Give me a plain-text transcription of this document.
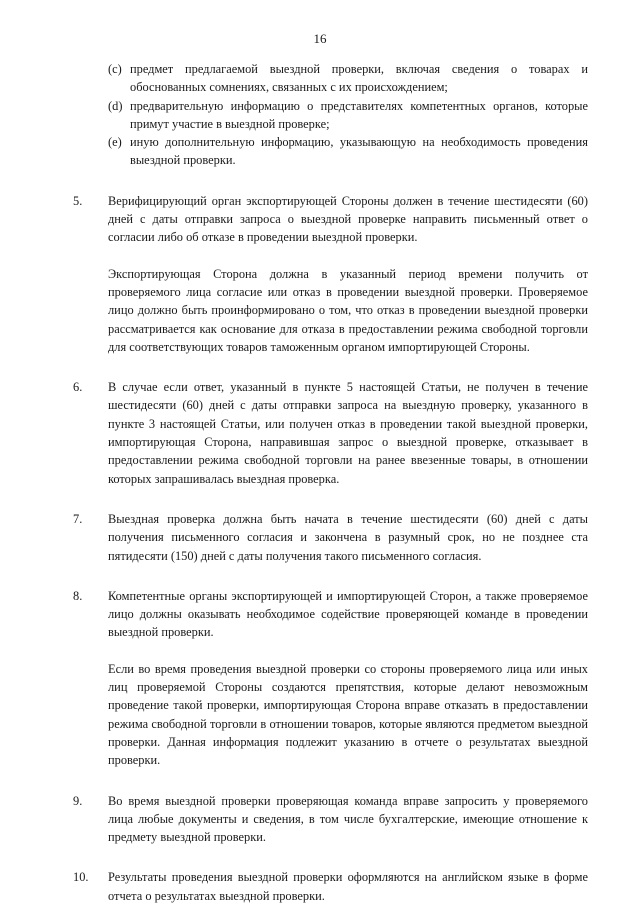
16
(c) предмет предлагаемой выездной проверки, включая сведения о товарах и обоснованных сомнениях, связанных с их происхождением;

(d) предварительную информацию о представителях компетентных органов, которые примут участие в выездной проверке;

(e) иную дополнительную информацию, указывающую на необходимость проведения выездной проверки.

5. Верифицирующий орган экспортирующей Стороны должен в течение шестидесяти (60) дней с даты отправки запроса о выездной проверке направить письменный ответ о согласии либо об отказе в проведении выездной проверки.

Экспортирующая Сторона должна в указанный период времени получить от проверяемого лица согласие или отказ в проведении выездной проверки. Проверяемое лицо должно быть проинформировано о том, что отказ в проведении выездной проверки рассматривается как основание для отказа в предоставлении режима свободной торговли для соответствующих товаров таможенным органом импортирующей Стороны.

6. В случае если ответ, указанный в пункте 5 настоящей Статьи, не получен в течение шестидесяти (60) дней с даты отправки запроса на выездную проверку, указанного в пункте 3 настоящей Статьи, или получен отказ в проведении такой выездной проверки, импортирующая Сторона, направившая запрос о выездной проверке, отказывает в предоставлении режима свободной торговли на ранее ввезенные товары, в отношении которых запрашивалась выездная проверка.

7. Выездная проверка должна быть начата в течение шестидесяти (60) дней с даты получения письменного согласия и закончена в разумный срок, но не позднее ста пятидесяти (150) дней с даты получения такого письменного согласия.

8. Компетентные органы экспортирующей и импортирующей Сторон, а также проверяемое лицо должны оказывать необходимое содействие проверяющей команде в проведении выездной проверки.

Если во время проведения выездной проверки со стороны проверяемого лица или иных лиц проверяемой Стороны создаются препятствия, которые делают невозможным проведение такой проверки, импортирующая Сторона вправе отказать в предоставлении режима свободной торговли в отношении товаров, которые являются предметом выездной проверки. Данная информация подлежит указанию в отчете о результатах выездной проверки.

9. Во время выездной проверки проверяющая команда вправе запросить у проверяемого лица любые документы и сведения, в том числе бухгалтерские, имеющие отношение к предмету выездной проверки.

10. Результаты проведения выездной проверки оформляются на английском языке в форме отчета о результатах выездной проверки.
